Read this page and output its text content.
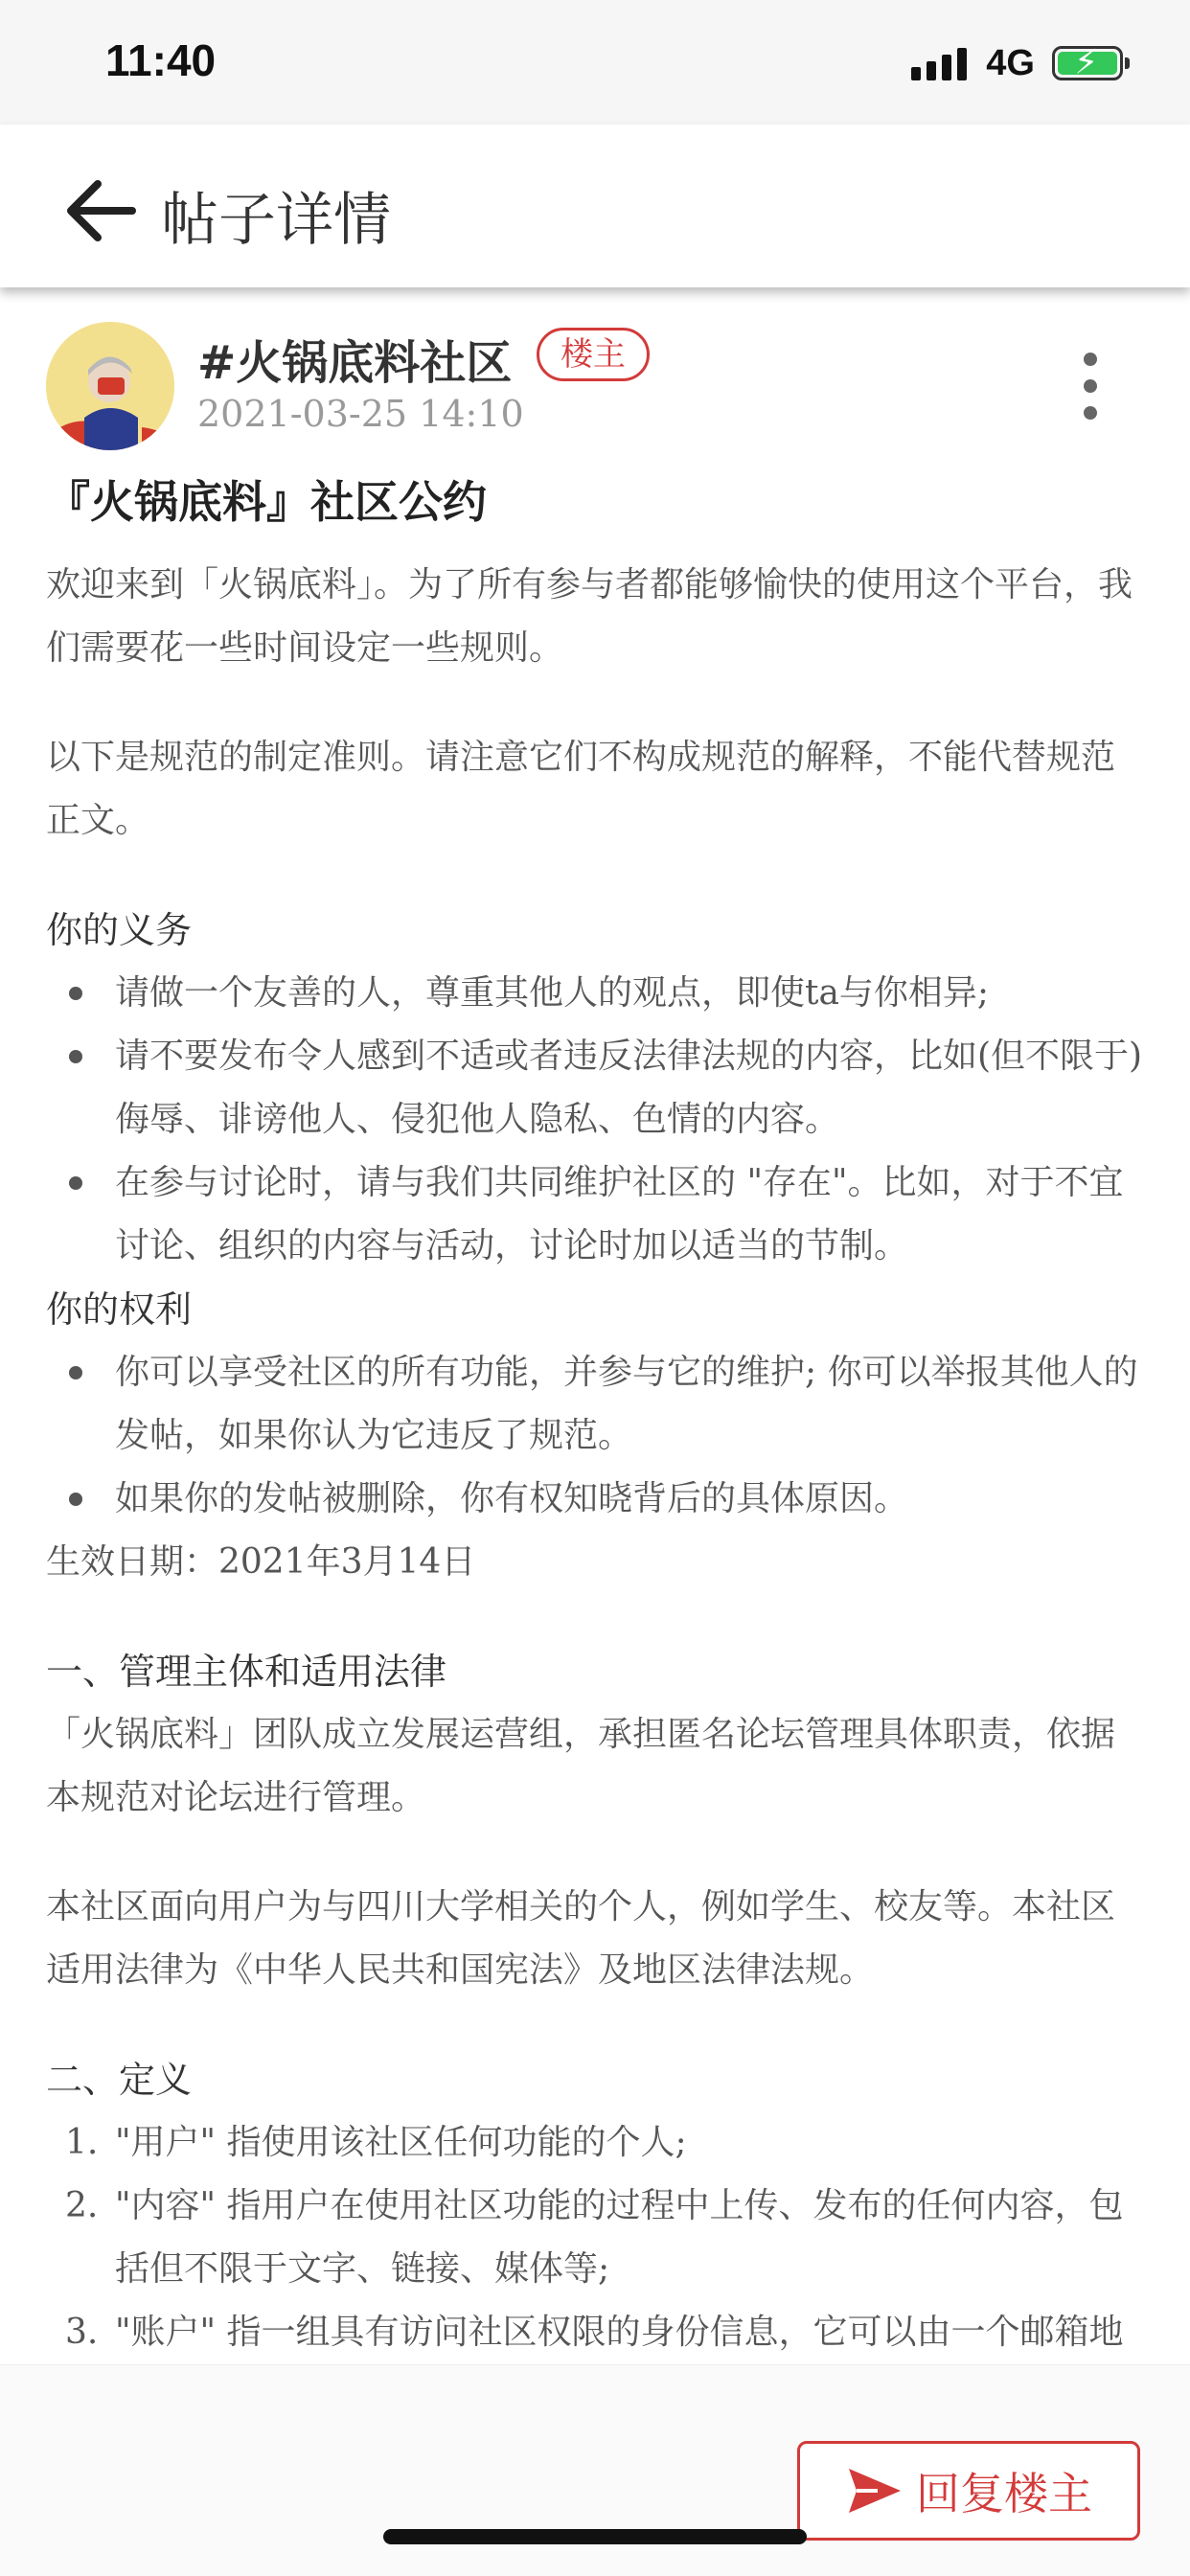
11:40	4G ⚡
帖子详情
#火锅底料社区	楼主
2021-03-25 14:10
『火锅底料』社区公约

欢迎来到「火锅底料」。为了所有参与者都能够愉快的使用这个平台，我们需要花一些时间设定一些规则。

以下是规范的制定准则。请注意它们不构成规范的解释，不能代替规范正文。

你的义务

请做一个友善的人，尊重其他人的观点，即使ta与你相异;
请不要发布令人感到不适或者违反法律法规的内容，比如(但不限于)侮辱、诽谤他人、侵犯他人隐私、色情的内容。
在参与讨论时，请与我们共同维护社区的 "存在"。比如，对于不宜讨论、组织的内容与活动，讨论时加以适当的节制。

你的权利

你可以享受社区的所有功能，并参与它的维护; 你可以举报其他人的发帖，如果你认为它违反了规范。
如果你的发帖被删除，你有权知晓背后的具体原因。

生效日期：2021年3月14日

一、管理主体和适用法律

「火锅底料」团队成立发展运营组，承担匿名论坛管理具体职责，依据本规范对论坛进行管理。

本社区面向用户为与四川大学相关的个人，例如学生、校友等。本社区适用法律为《中华人民共和国宪法》及地区法律法规。

二、定义

1. "用户" 指使用该社区任何功能的个人;
2. "内容" 指用户在使用社区功能的过程中上传、发布的任何内容，包括但不限于文字、链接、媒体等;
3. "账户" 指一组具有访问社区权限的身份信息，它可以由一个邮箱地
回复楼主
